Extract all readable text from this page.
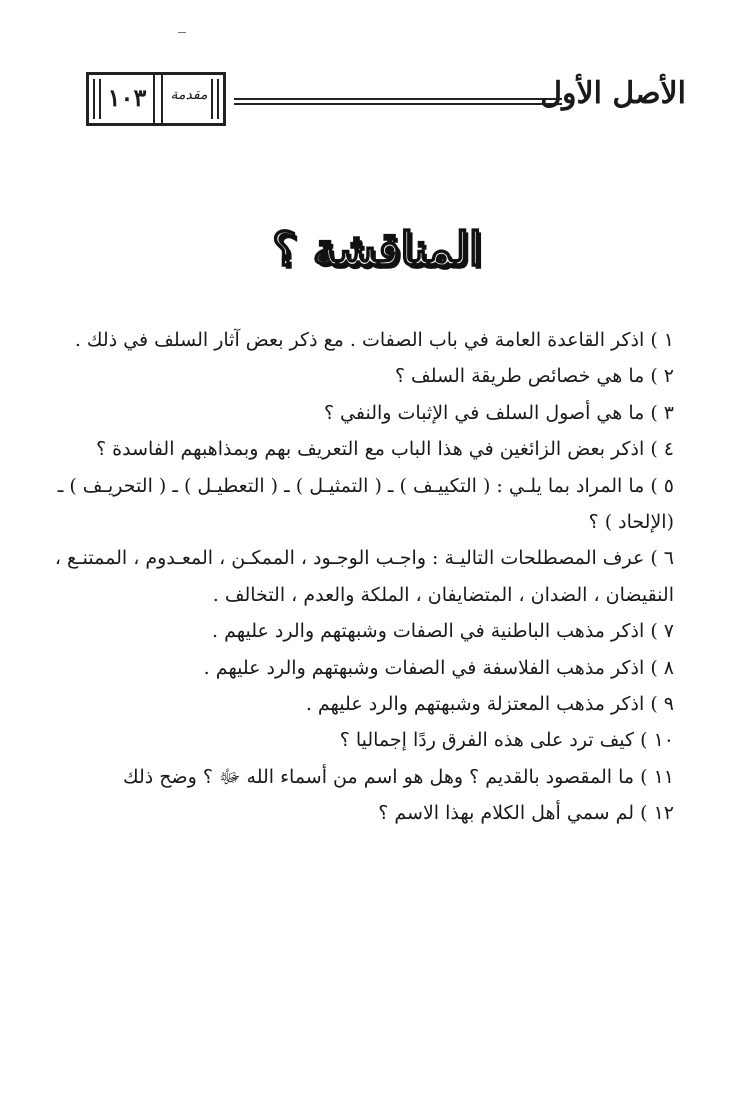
١٠٣	مقدمة	الأصل الأول
المناقشة ؟

١ ) اذكر القاعدة العامة في باب الصفات . مع ذكر بعض آثار السلف في ذلك .

٢ ) ما هي خصائص طريقة السلف ؟

٣ ) ما هي أصول السلف في الإثبات والنفي ؟

٤ ) اذكر بعض الزائغين في هذا الباب مع التعريف بهم وبمذاهبهم الفاسدة ؟

٥ ) ما المراد بما يلـي : ( التكييـف ) ـ ( التمثيـل ) ـ ( التعطيـل ) ـ ( التحريـف ) ـ

(الإلحاد ) ؟

٦ ) عرف المصطلحات التاليـة : واجـب الوجـود ، الممكـن ، المعـدوم ، الممتنـع ،

النقيضان ، الضدان ، المتضايفان ، الملكة والعدم ، التخالف .

٧ ) اذكر مذهب الباطنية في الصفات وشبهتهم والرد عليهم .

٨ ) اذكر مذهب الفلاسفة في الصفات وشبهتهم والرد عليهم .

٩ ) اذكر مذهب المعتزلة وشبهتهم والرد عليهم .

١٠ ) كيف ترد على هذه الفرق ردًا إجماليا ؟

١١ ) ما المقصود بالقديم ؟ وهل هو اسم من أسماء الله ﷻ ؟ وضح ذلك

١٢ ) لم سمي أهل الكلام بهذا الاسم ؟
